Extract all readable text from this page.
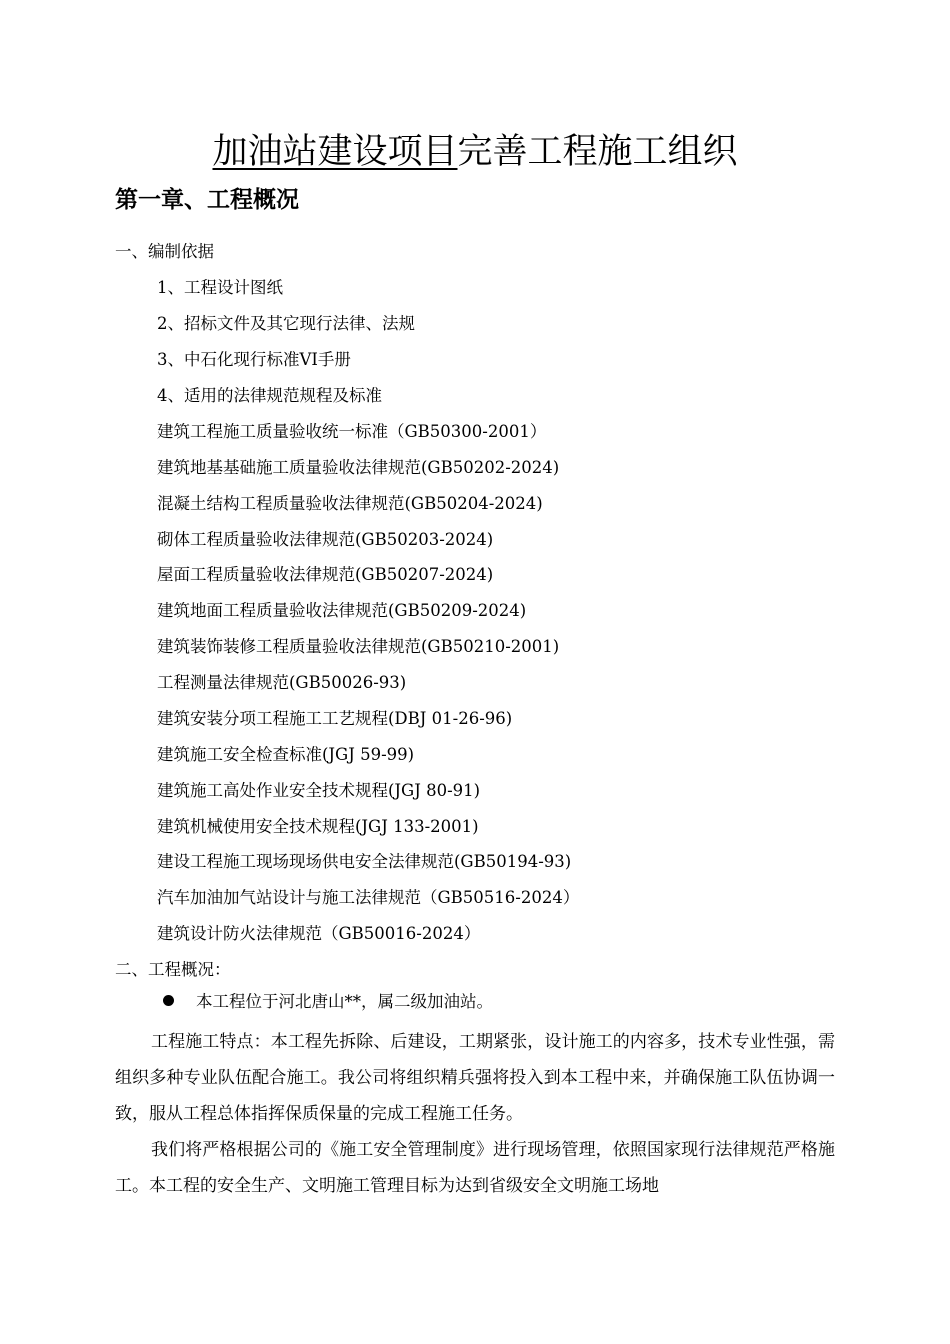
加油站建设项目完善工程施工组织
第一章、工程概况
一、编制依据
1、工程设计图纸
2、招标文件及其它现行法律、法规
3、中石化现行标准VI手册
4、适用的法律规范规程及标准
建筑工程施工质量验收统一标准（GB50300-2001）
建筑地基基础施工质量验收法律规范(GB50202-2024)
混凝土结构工程质量验收法律规范(GB50204-2024)
砌体工程质量验收法律规范(GB50203-2024)
屋面工程质量验收法律规范(GB50207-2024)
建筑地面工程质量验收法律规范(GB50209-2024)
建筑装饰装修工程质量验收法律规范(GB50210-2001)
工程测量法律规范(GB50026-93)
建筑安装分项工程施工工艺规程(DBJ 01-26-96)
建筑施工安全检查标准(JGJ 59-99)
建筑施工高处作业安全技术规程(JGJ 80-91)
建筑机械使用安全技术规程(JGJ 133-2001)
建设工程施工现场现场供电安全法律规范(GB50194-93)
汽车加油加气站设计与施工法律规范（GB50516-2024）
建筑设计防火法律规范（GB50016-2024）
二、工程概况：
本工程位于河北唐山**，属二级加油站。
工程施工特点：本工程先拆除、后建设，工期紧张，设计施工的内容多，技术专业性强，需组织多种专业队伍配合施工。我公司将组织精兵强将投入到本工程中来，并确保施工队伍协调一致，服从工程总体指挥保质保量的完成工程施工任务。
我们将严格根据公司的《施工安全管理制度》进行现场管理，依照国家现行法律规范严格施工。本工程的安全生产、文明施工管理目标为达到省级安全文明施工场地
